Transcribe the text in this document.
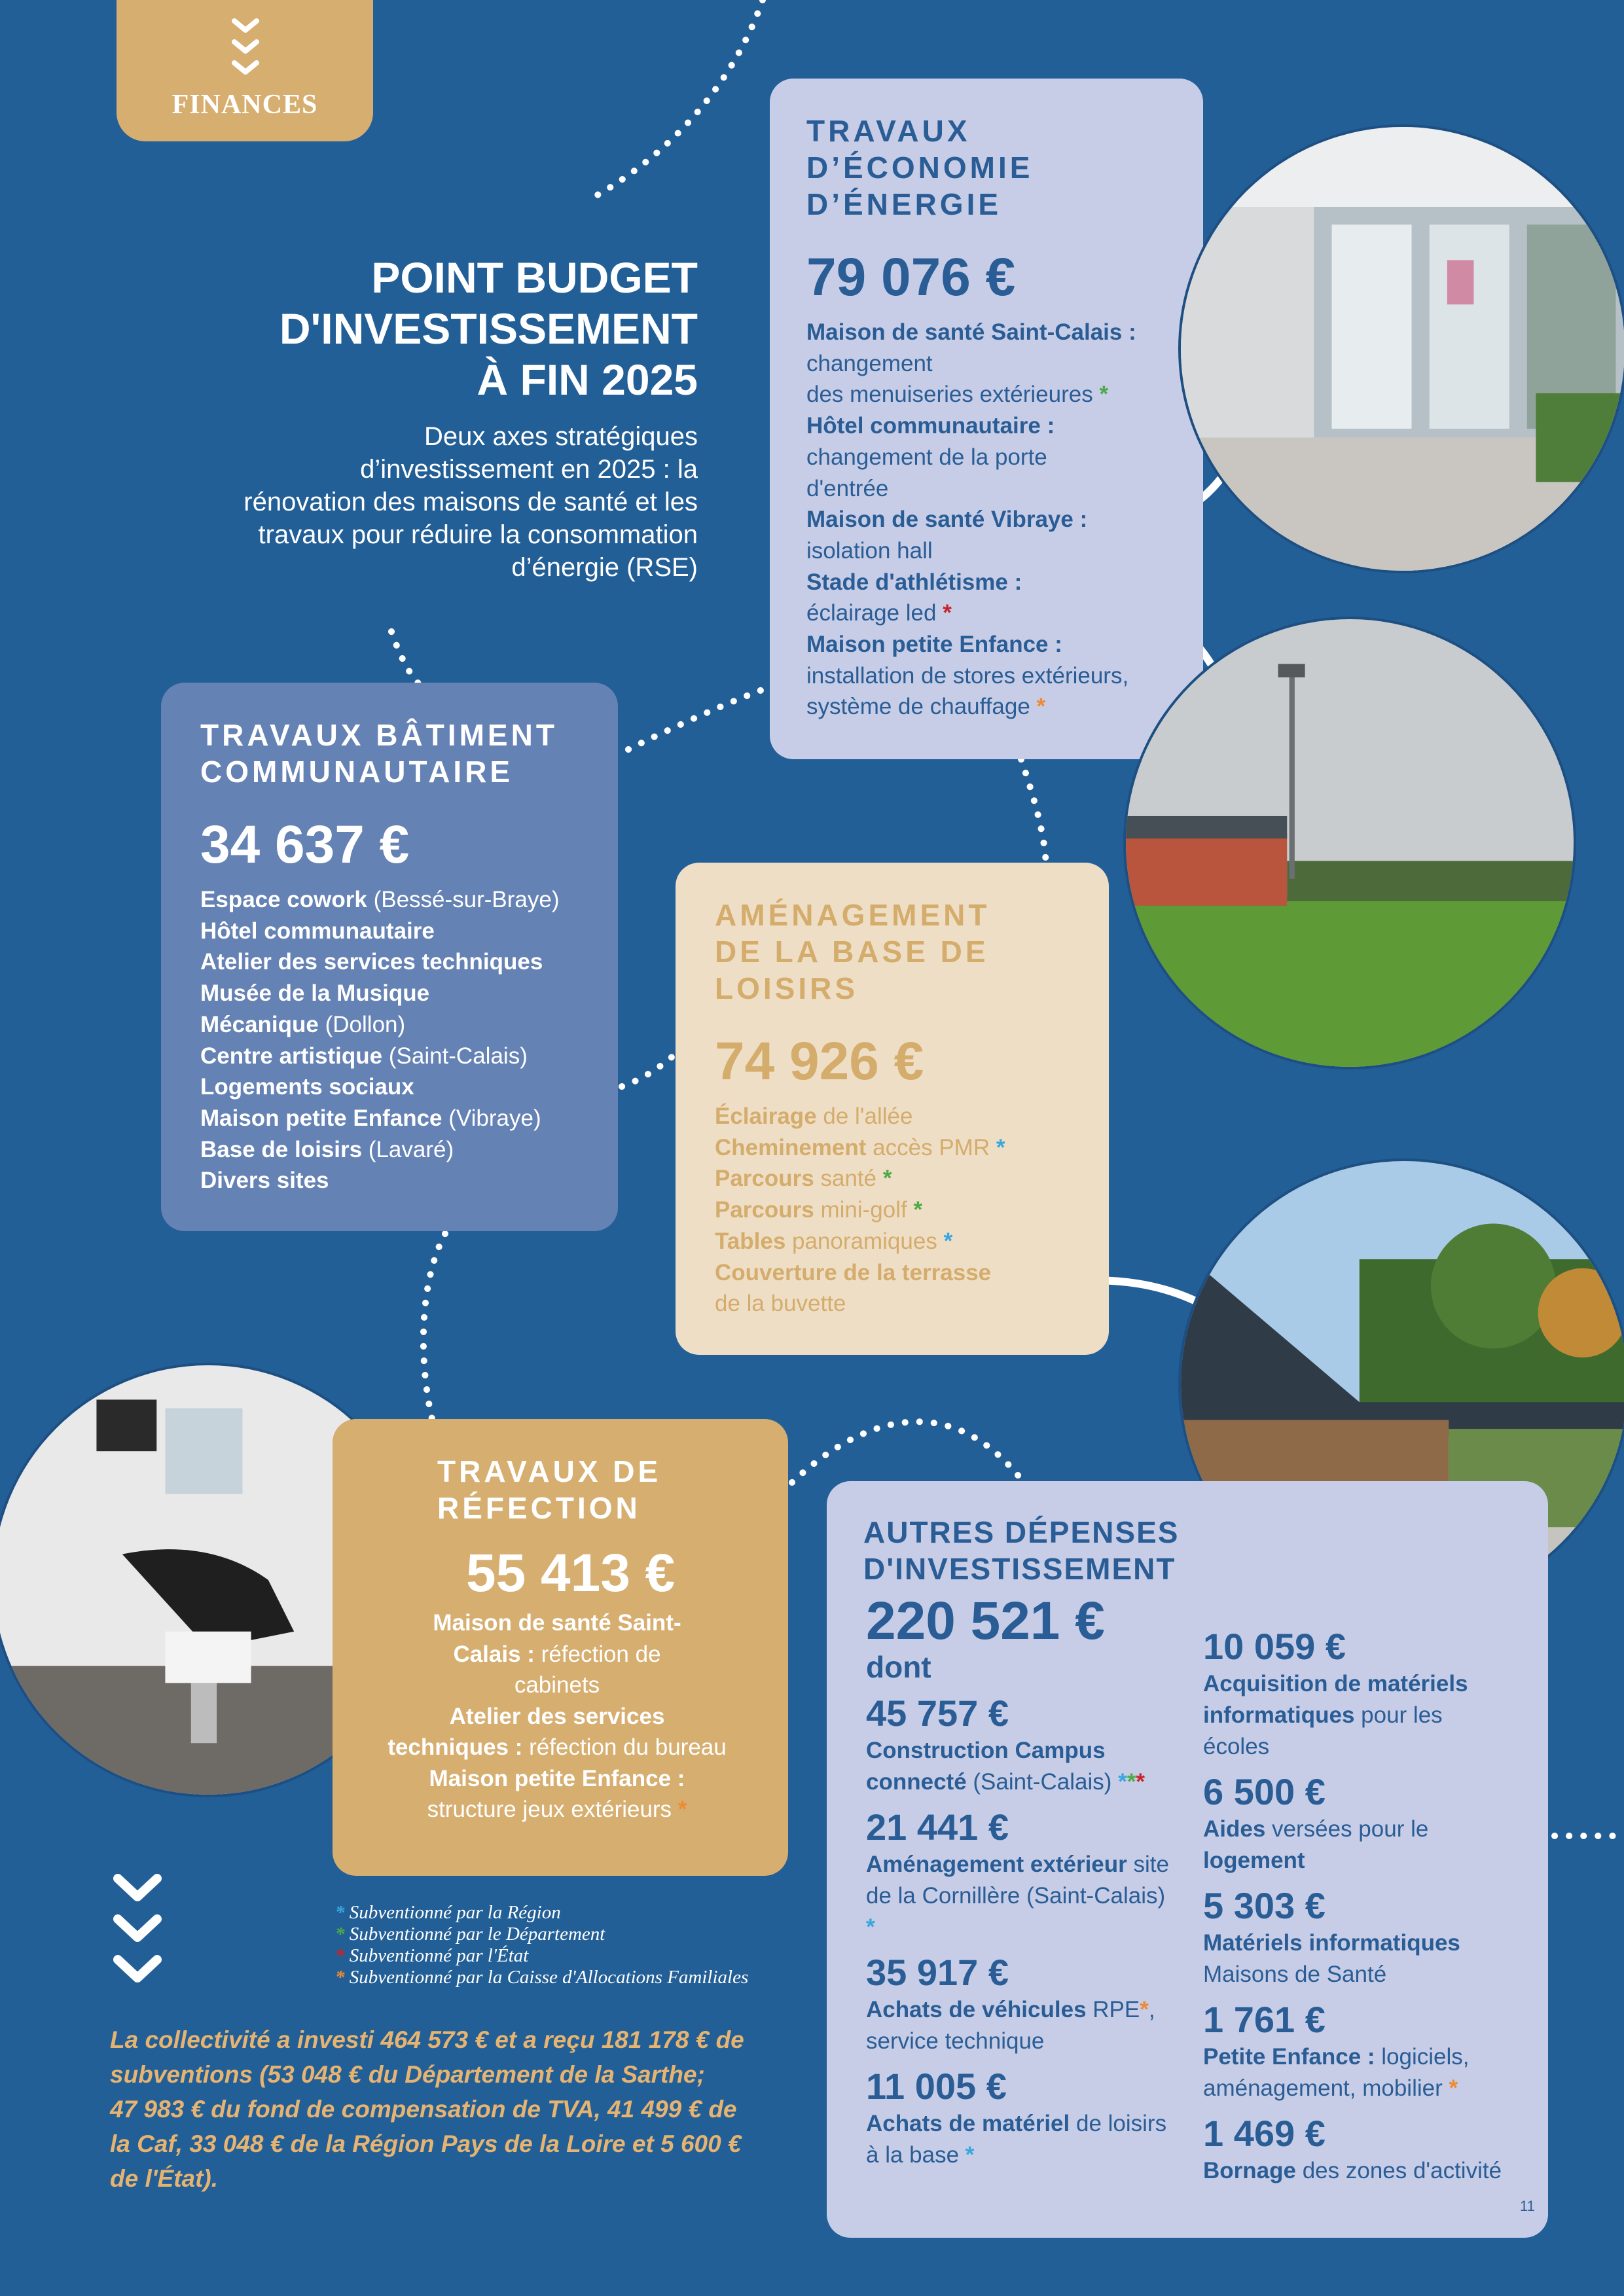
FINANCES
POINT BUDGET
D'INVESTISSEMENT
À FIN 2025
Deux axes stratégiques
d’investissement en 2025 : la
rénovation des maisons de santé et les
travaux pour réduire la consommation
d’énergie (RSE)
TRAVAUX
D’ÉCONOMIE
D’ÉNERGIE
79 076 €
Maison de santé Saint-Calais :
changement
des menuiseries extérieures *
Hôtel communautaire :
changement de la porte
d'entrée
Maison de santé Vibraye :
isolation hall
Stade d'athlétisme :
éclairage led *
Maison petite Enfance :
installation de stores extérieurs,
système de chauffage *
TRAVAUX BÂTIMENT
COMMUNAUTAIRE
34 637 €
Espace cowork (Bessé-sur-Braye)
Hôtel communautaire
Atelier des services techniques
Musée de la Musique
Mécanique (Dollon)
Centre artistique (Saint-Calais)
Logements sociaux
Maison petite Enfance (Vibraye)
Base de loisirs (Lavaré)
Divers sites
AMÉNAGEMENT
DE LA BASE DE
LOISIRS
74 926 €
Éclairage de l'allée
Cheminement accès PMR *
Parcours santé *
Parcours mini-golf *
Tables panoramiques *
Couverture de la terrasse
de la buvette
TRAVAUX DE
RÉFECTION
55 413 €
Maison de santé Saint-
Calais : réfection de
cabinets
Atelier des services
techniques : réfection du bureau
Maison petite Enfance :
structure jeux extérieurs *
AUTRES DÉPENSES
D'INVESTISSEMENT
220 521 €
dont
45 757 €
Construction Campus connecté (Saint-Calais) ***
21 441 €
Aménagement extérieur site de la Cornillère (Saint-Calais) *
35 917 €
Achats de véhicules RPE*,
service technique
11 005 €
Achats de matériel de loisirs à la base *
10 059 €
Acquisition de matériels informatiques pour les écoles
6 500 €
Aides versées pour le logement
5 303 €
Matériels informatiques
Maisons de Santé
1 761 €
Petite Enfance : logiciels, aménagement, mobilier *
1 469 €
Bornage des zones d'activité
* Subventionné par la Région
* Subventionné par le Département
* Subventionné par l'État
* Subventionné par la Caisse d'Allocations Familiales
La collectivité a investi 464 573 € et a reçu 181 178 € de
subventions (53 048 € du Département de la Sarthe;
47 983 € du fond de compensation de TVA, 41 499 € de
la Caf, 33 048 € de la Région Pays de la Loire et 5 600 €
de l'État).
11
